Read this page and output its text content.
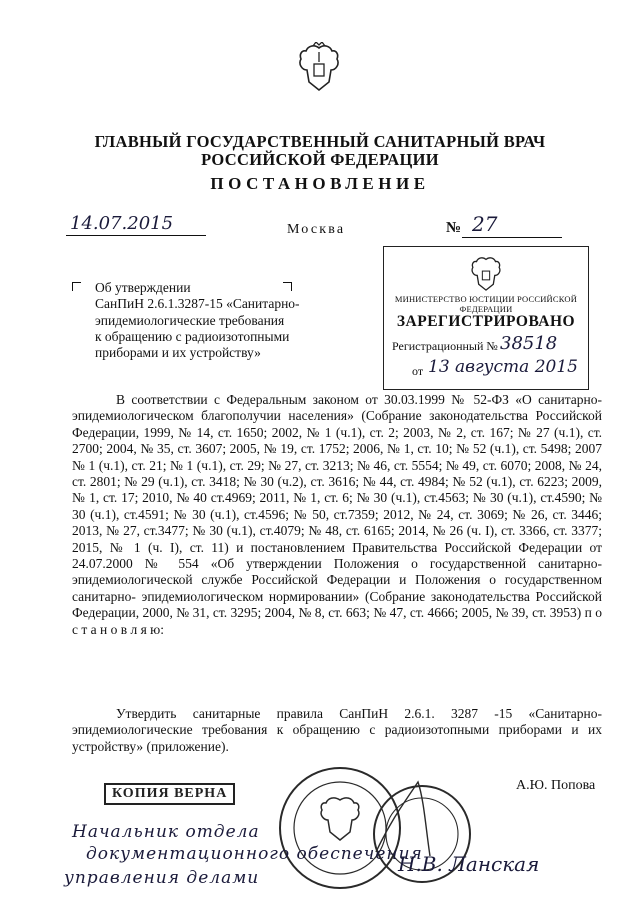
ГЛАВНЫЙ ГОСУДАРСТВЕННЫЙ САНИТАРНЫЙ ВРАЧ
РОССИЙСКОЙ ФЕДЕРАЦИИ
ПОСТАНОВЛЕНИЕ
14.07.2015	Москва	№ 27
Об утверждении
СанПиН 2.6.1.3287-15 «Санитарно-
эпидемиологические требования
к обращению с радиоизотопными
приборами и их устройству»
МИНИСТЕРСТВО ЮСТИЦИИ РОССИЙСКОЙ ФЕДЕРАЦИИ
ЗАРЕГИСТРИРОВАНО
Регистрационный № 38518
от 13 августа 2015
В соответствии с Федеральным законом от 30.03.1999 № 52-ФЗ «О санитарно-эпидемиологическом благополучии населения» (Собрание законодательства Российской Федерации, 1999, № 14, ст. 1650; 2002, № 1 (ч.1), ст. 2; 2003, № 2, ст. 167; № 27 (ч.1), ст. 2700; 2004, № 35, ст. 3607; 2005, № 19, ст. 1752; 2006, № 1, ст. 10; № 52 (ч.1), ст. 5498; 2007 № 1 (ч.1), ст. 21; № 1 (ч.1), ст. 29; № 27, ст. 3213; № 46, ст. 5554; № 49, ст. 6070; 2008, № 24, ст. 2801; № 29 (ч.1), ст. 3418; № 30 (ч.2), ст. 3616; № 44, ст. 4984; № 52 (ч.1), ст. 6223; 2009, № 1, ст. 17; 2010, № 40 ст.4969; 2011, № 1, ст. 6; № 30 (ч.1), ст.4563; № 30 (ч.1), ст.4590; № 30 (ч.1), ст.4591; № 30 (ч.1), ст.4596; № 50, ст.7359; 2012, № 24, ст. 3069; № 26, ст. 3446; 2013, № 27, ст.3477; № 30 (ч.1), ст.4079; № 48, ст. 6165; 2014, № 26 (ч. I), ст. 3366, ст. 3377; 2015, № 1 (ч. I), ст. 11) и постановлением Правительства Российской Федерации от 24.07.2000 № 554 «Об утверждении Положения о государственной санитарно-эпидемиологической службе Российской Федерации и Положения о государственном санитарно- эпидемиологическом нормировании» (Собрание законодательства Российской Федерации, 2000, № 31, ст. 3295; 2004, № 8, ст. 663; № 47, ст. 4666; 2005, № 39, ст. 3953) п о с т а н о в л я ю:
Утвердить санитарные правила СанПиН 2.6.1. 3287 -15 «Санитарно- эпидемиологические требования к обращению с радиоизотопными приборами и их устройству» (приложение).
КОПИЯ ВЕРНА
А.Ю. Попова
Н.В. Ланская
Начальник отдела
документационного обеспечения
управления делами
